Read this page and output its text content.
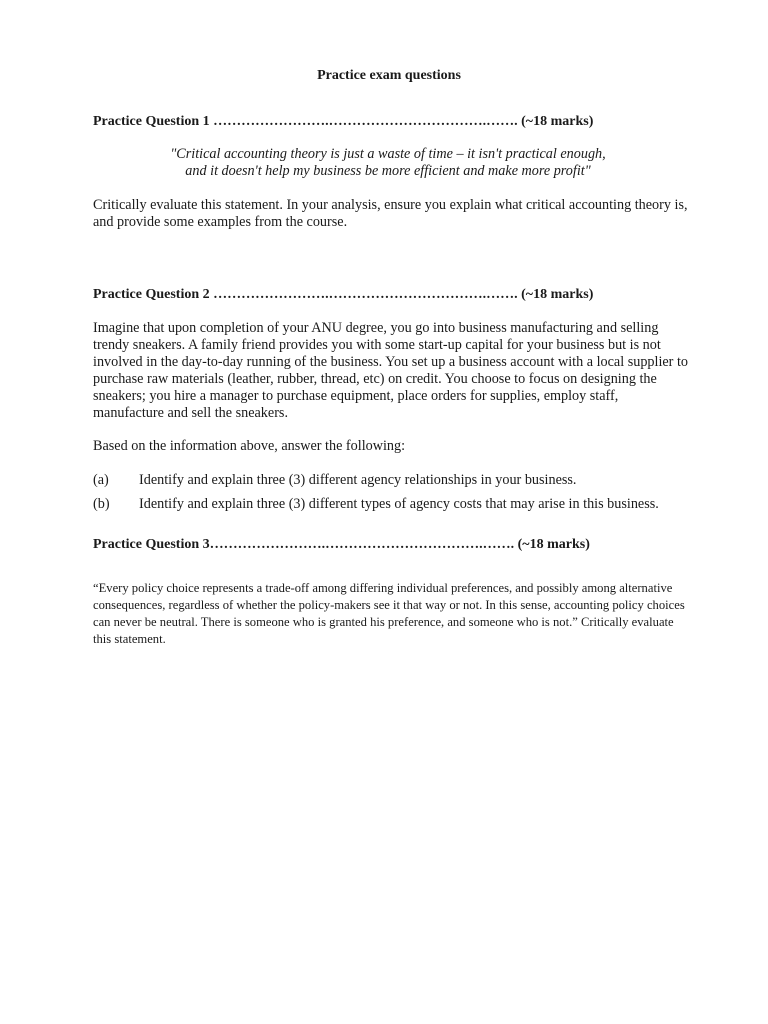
Practice exam questions
Practice Question 1 …………………….…………………………….……. (~18 marks)
"Critical accounting theory is just a waste of time – it isn't practical enough,
and it doesn't help my business be more efficient and make more profit"
Critically evaluate this statement. In your analysis, ensure you explain what critical accounting theory is, and provide some examples from the course.
Practice Question 2 …………………….…………………………….……. (~18 marks)
Imagine that upon completion of your ANU degree, you go into business manufacturing and selling trendy sneakers. A family friend provides you with some start-up capital for your business but is not involved in the day-to-day running of the business. You set up a business account with a local supplier to purchase raw materials (leather, rubber, thread, etc) on credit. You choose to focus on designing the sneakers; you hire a manager to purchase equipment, place orders for supplies, employ staff, manufacture and sell the sneakers.
Based on the information above, answer the following:
(a) Identify and explain three (3) different agency relationships in your business.
(b) Identify and explain three (3) different types of agency costs that may arise in this business.
Practice Question 3…………………….…………………………….……. (~18 marks)
“Every policy choice represents a trade-off among differing individual preferences, and possibly among alternative consequences, regardless of whether the policy-makers see it that way or not. In this sense, accounting policy choices can never be neutral. There is someone who is granted his preference, and someone who is not.” Critically evaluate this statement.
